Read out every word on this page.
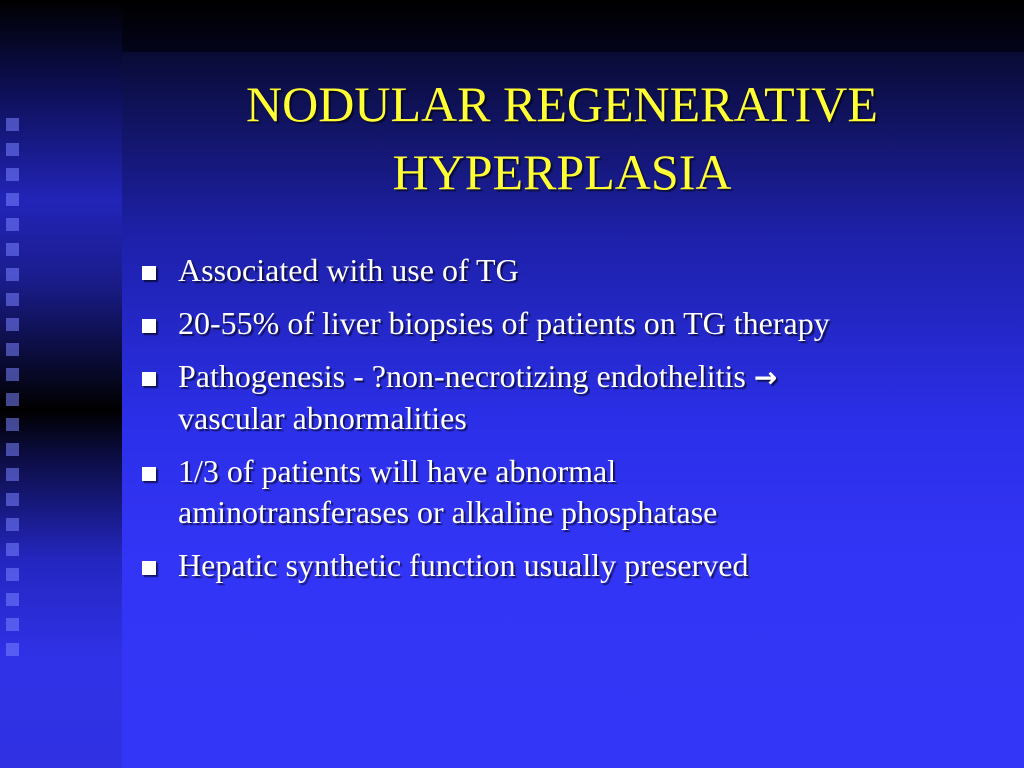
NODULAR REGENERATIVE
HYPERPLASIA
Associated with use of TG
20-55% of liver biopsies of patients on TG therapy
Pathogenesis - ?non-necrotizing endothelitis →
vascular abnormalities
1/3 of patients will have abnormal
aminotransferases or alkaline phosphatase
Hepatic synthetic function usually preserved
